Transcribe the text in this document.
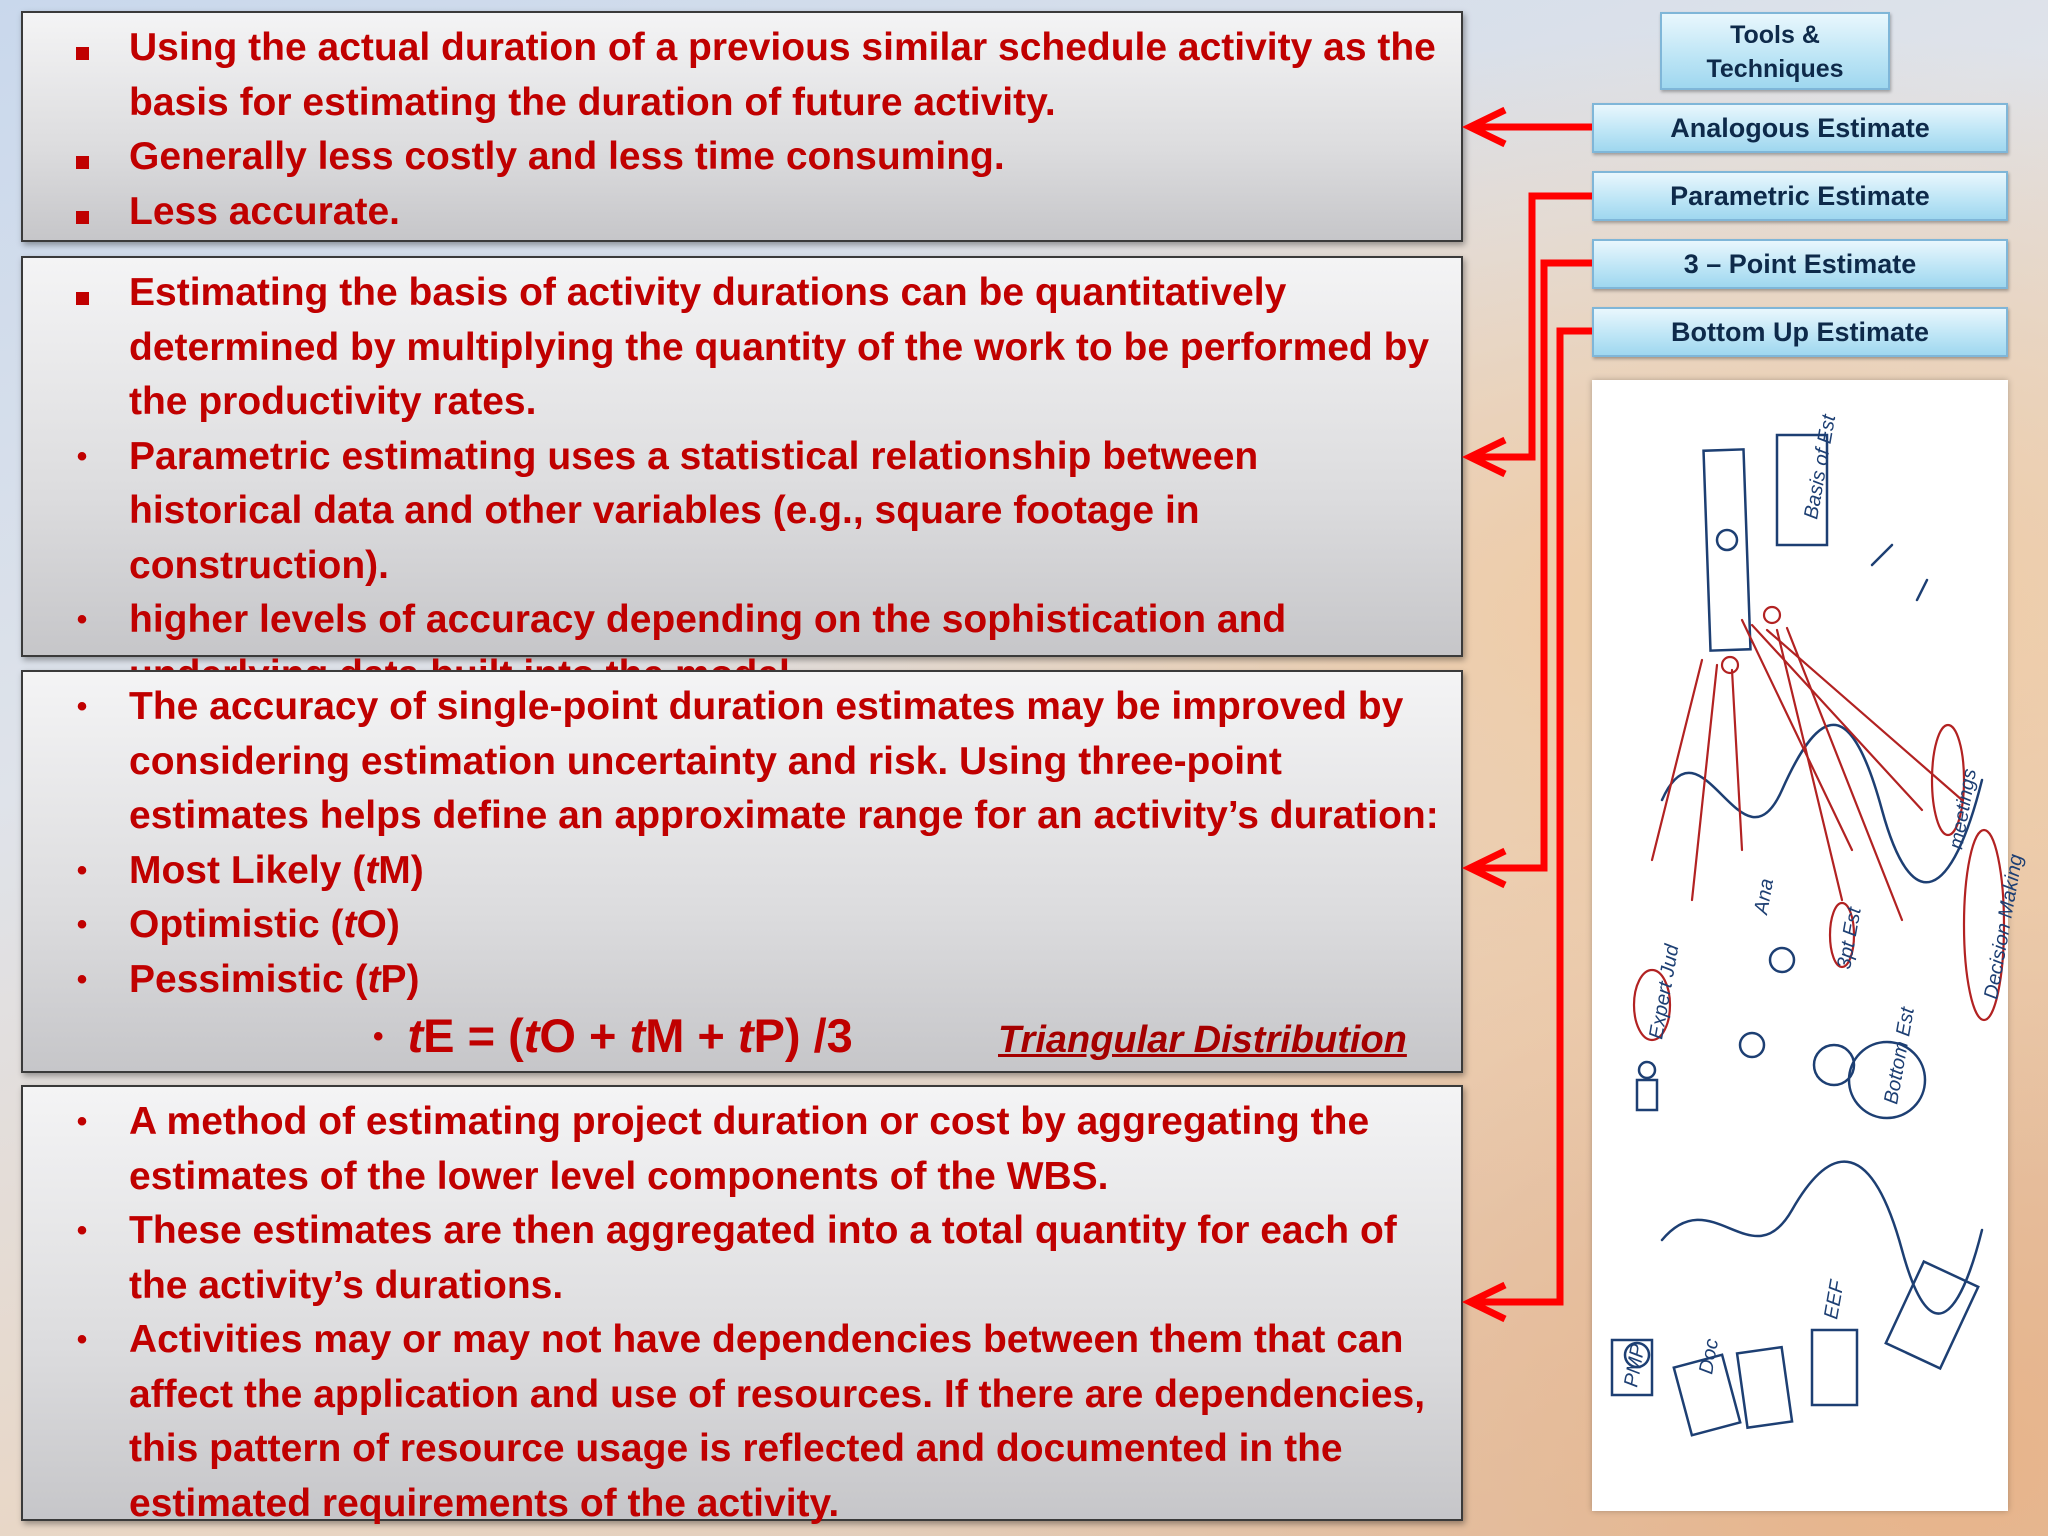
Using the actual duration of a previous similar schedule activity as the basis for estimating the duration of future activity.
Generally less costly and less time consuming.
Less accurate.
Estimating the basis of activity durations can be quantitatively determined by multiplying the quantity of the work to be performed by the productivity rates.
• Parametric estimating uses a statistical relationship between historical data and other variables (e.g., square footage in construction).
• higher levels of accuracy depending on the sophistication and
• The accuracy of single-point duration estimates may be improved by considering estimation uncertainty and risk. Using three-point estimates helps define an approximate range for an activity’s duration:
• Most Likely (tM)
• Optimistic (tO)
• Pessimistic (tP)
• tE = (tO + tM + tP) /3	Triangular Distribution
• A method of estimating project duration or cost by aggregating the estimates of the lower level components of the WBS.
• These estimates are then aggregated into a total quantity for each of the activity’s durations.
• Activities may or may not have dependencies between them that can affect the application and use of resources. If there are dependencies, this pattern of resource usage is reflected and documented in the estimated requirements of the activity.
Tools & Techniques
Analogous Estimate
Parametric Estimate
3 – Point Estimate
Bottom Up Estimate
Basis of Est
Expert Jud
Ana
3pt Est
Bottom Est
meetings
Decision Making
PMP
EEF
Doc
